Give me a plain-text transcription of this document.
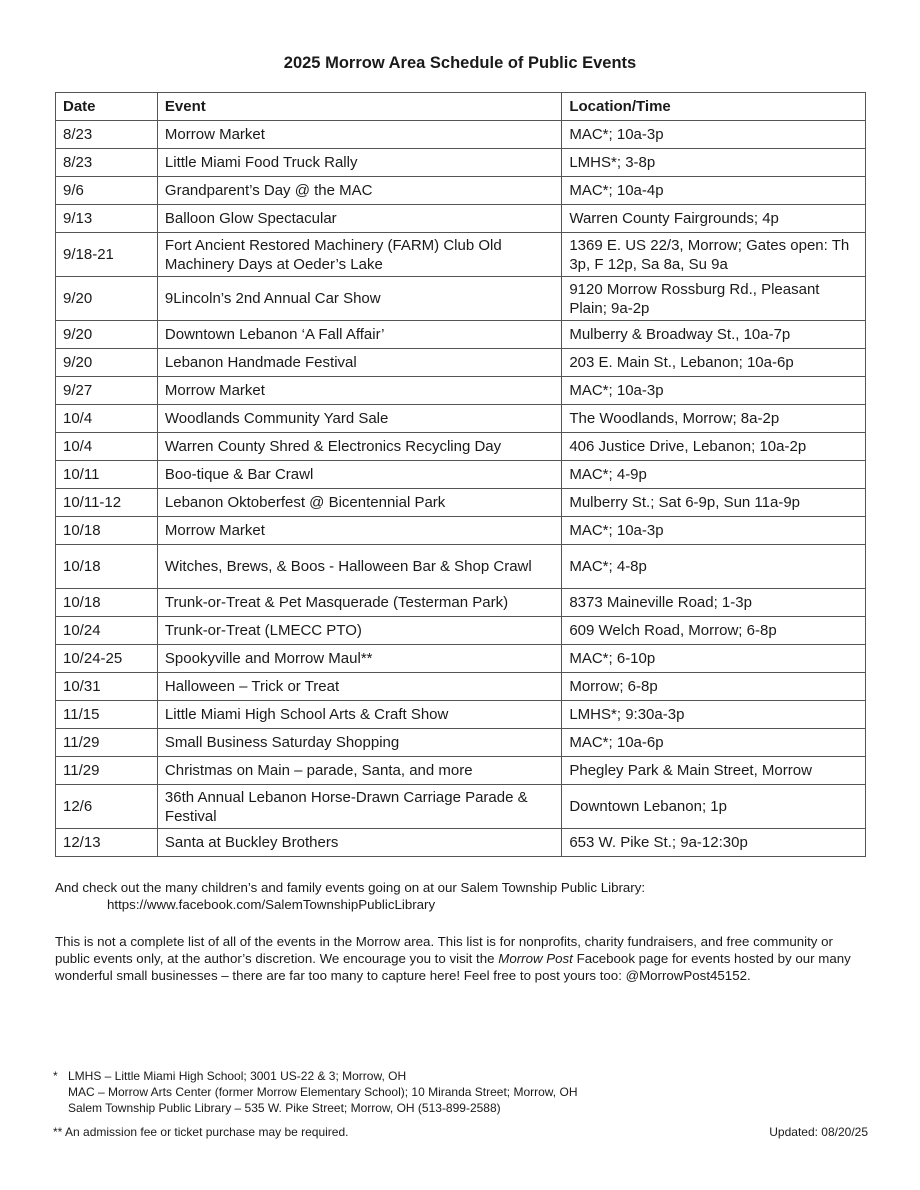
2025 Morrow Area Schedule of Public Events
Date	Event	Location/Time
8/23	Morrow Market	MAC*; 10a-3p
8/23	Little Miami Food Truck Rally	LMHS*; 3-8p
9/6	Grandparent’s Day @ the MAC	MAC*; 10a-4p
9/13	Balloon Glow Spectacular	Warren County Fairgrounds; 4p
9/18-21	Fort Ancient Restored Machinery (FARM) Club Old Machinery Days at Oeder’s Lake	1369 E. US 22/3, Morrow; Gates open: Th 3p, F 12p, Sa 8a, Su 9a
9/20	9Lincoln’s 2nd Annual Car Show	9120 Morrow Rossburg Rd., Pleasant Plain; 9a-2p
9/20	Downtown Lebanon ‘A Fall Affair’	Mulberry & Broadway St., 10a-7p
9/20	Lebanon Handmade Festival	203 E. Main St., Lebanon; 10a-6p
9/27	Morrow Market	MAC*; 10a-3p
10/4	Woodlands Community Yard Sale	The Woodlands, Morrow; 8a-2p
10/4	Warren County Shred & Electronics Recycling Day	406 Justice Drive, Lebanon; 10a-2p
10/11	Boo-tique & Bar Crawl	MAC*; 4-9p
10/11-12	Lebanon Oktoberfest @ Bicentennial Park	Mulberry St.; Sat 6-9p, Sun 11a-9p
10/18	Morrow Market	MAC*; 10a-3p
10/18	Witches, Brews, & Boos - Halloween Bar & Shop Crawl	MAC*; 4-8p
10/18	Trunk-or-Treat & Pet Masquerade (Testerman Park)	8373 Maineville Road; 1-3p
10/24	Trunk-or-Treat (LMECC PTO)	609 Welch Road, Morrow; 6-8p
10/24-25	Spookyville and Morrow Maul**	MAC*; 6-10p
10/31	Halloween – Trick or Treat	Morrow; 6-8p
11/15	Little Miami High School Arts & Craft Show	LMHS*; 9:30a-3p
11/29	Small Business Saturday Shopping	MAC*; 10a-6p
11/29	Christmas on Main – parade, Santa, and more	Phegley Park & Main Street, Morrow
12/6	36th Annual Lebanon Horse-Drawn Carriage Parade & Festival	Downtown Lebanon; 1p
12/13	Santa at Buckley Brothers	653 W. Pike St.; 9a-12:30p
And check out the many children’s and family events going on at our Salem Township Public Library:
https://www.facebook.com/SalemTownshipPublicLibrary
This is not a complete list of all of the events in the Morrow area. This list is for nonprofits, charity fundraisers, and free community or public events only, at the author’s discretion. We encourage you to visit the Morrow Post Facebook page for events hosted by our many wonderful small businesses – there are far too many to capture here! Feel free to post yours too: @MorrowPost45152.
* LMHS – Little Miami High School; 3001 US-22 & 3; Morrow, OH
MAC – Morrow Arts Center (former Morrow Elementary School); 10 Miranda Street; Morrow, OH
Salem Township Public Library – 535 W. Pike Street; Morrow, OH (513-899-2588)
** An admission fee or ticket purchase may be required.	Updated: 08/20/25
